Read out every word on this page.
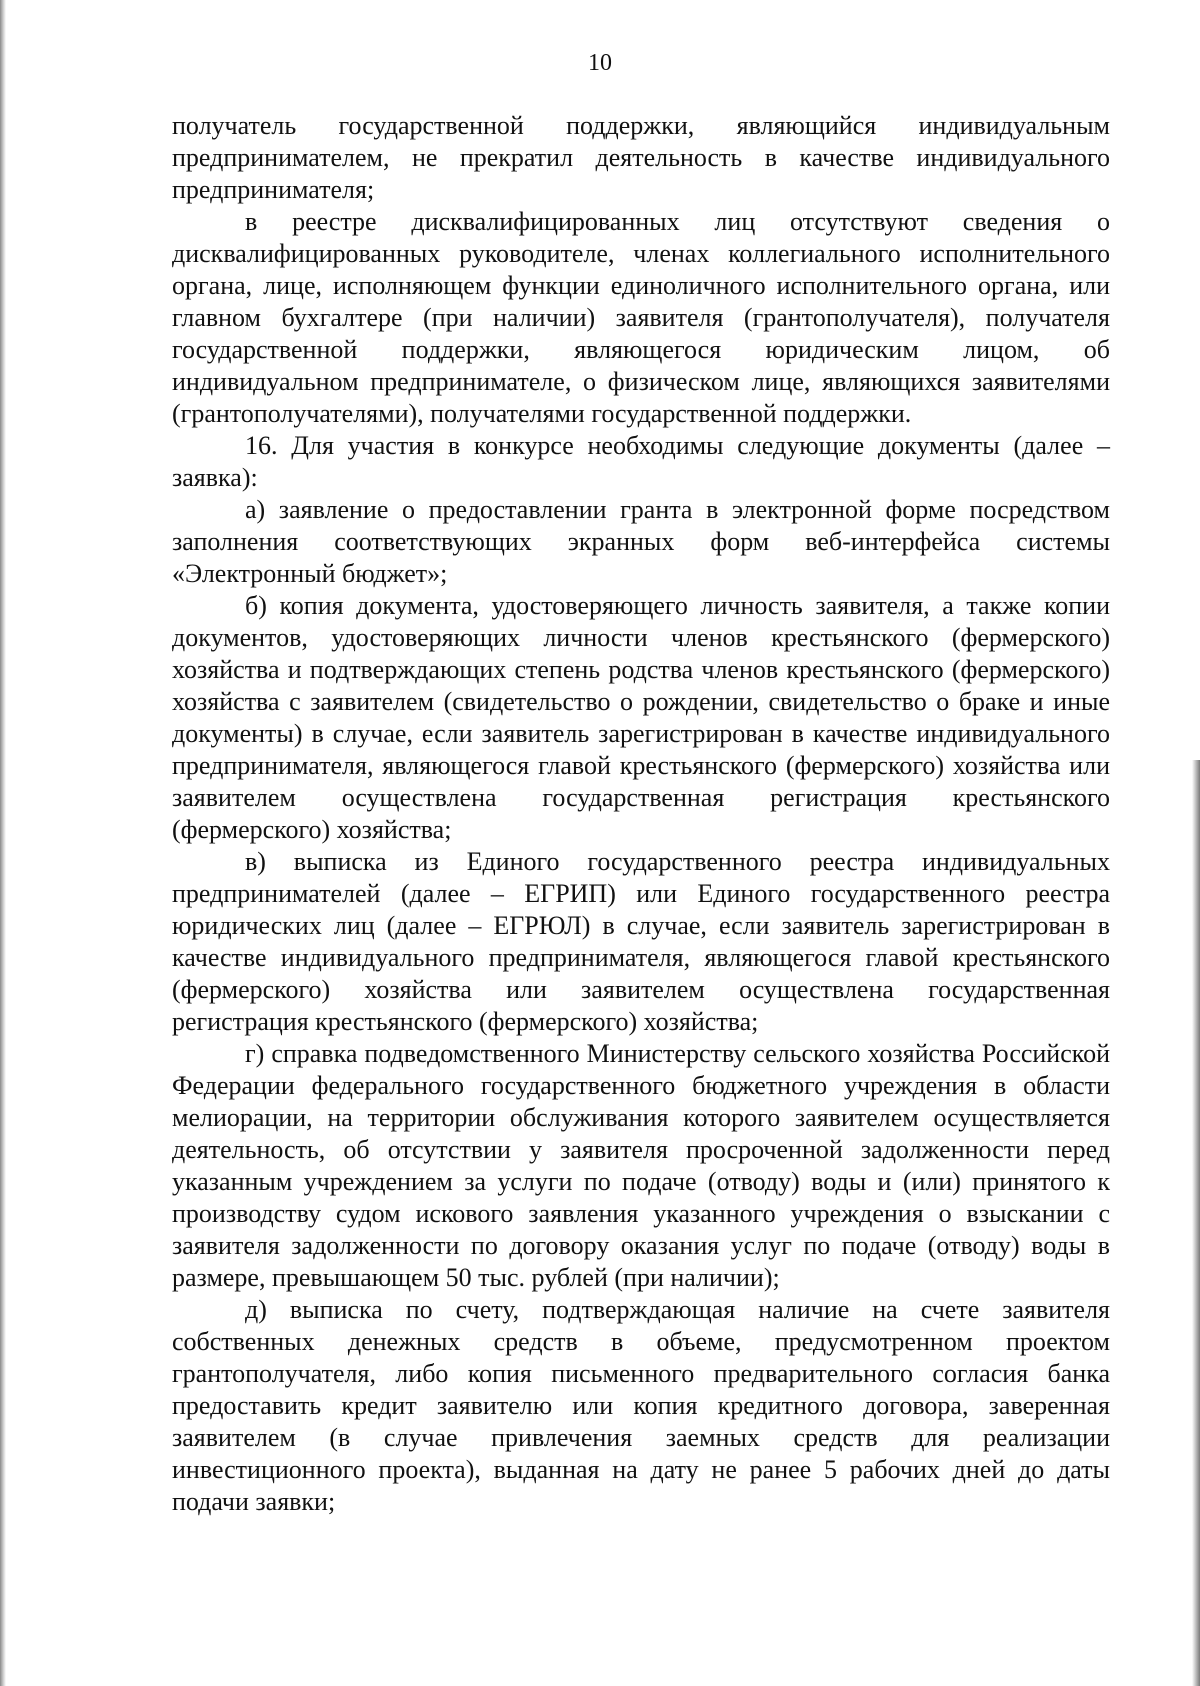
10

получатель государственной поддержки, являющийся индивидуальным предпринимателем, не прекратил деятельность в качестве индивидуального предпринимателя;

в реестре дисквалифицированных лиц отсутствуют сведения о дисквалифицированных руководителе, членах коллегиального исполнительного органа, лице, исполняющем функции единоличного исполнительного органа, или главном бухгалтере (при наличии) заявителя (грантополучателя), получателя государственной поддержки, являющегося юридическим лицом, об индивидуальном предпринимателе, о физическом лице, являющихся заявителями (грантополучателями), получателями государственной поддержки.

16. Для участия в конкурсе необходимы следующие документы (далее – заявка):

а) заявление о предоставлении гранта в электронной форме посредством заполнения соответствующих экранных форм веб-интерфейса системы «Электронный бюджет»;

б) копия документа, удостоверяющего личность заявителя, а также копии документов, удостоверяющих личности членов крестьянского (фермерского) хозяйства и подтверждающих степень родства членов крестьянского (фермерского) хозяйства с заявителем (свидетельство о рождении, свидетельство о браке и иные документы) в случае, если заявитель зарегистрирован в качестве индивидуального предпринимателя, являющегося главой крестьянского (фермерского) хозяйства или заявителем осуществлена государственная регистрация крестьянского (фермерского) хозяйства;

в) выписка из Единого государственного реестра индивидуальных предпринимателей (далее – ЕГРИП) или Единого государственного реестра юридических лиц (далее – ЕГРЮЛ) в случае, если заявитель зарегистрирован в качестве индивидуального предпринимателя, являющегося главой крестьянского (фермерского) хозяйства или заявителем осуществлена государственная регистрация крестьянского (фермерского) хозяйства;

г) справка подведомственного Министерству сельского хозяйства Российской Федерации федерального государственного бюджетного учреждения в области мелиорации, на территории обслуживания которого заявителем осуществляется деятельность, об отсутствии у заявителя просроченной задолженности перед указанным учреждением за услуги по подаче (отводу) воды и (или) принятого к производству судом искового заявления указанного учреждения о взыскании с заявителя задолженности по договору оказания услуг по подаче (отводу) воды в размере, превышающем 50 тыс. рублей (при наличии);

д) выписка по счету, подтверждающая наличие на счете заявителя собственных денежных средств в объеме, предусмотренном проектом грантополучателя, либо копия письменного предварительного согласия банка предоставить кредит заявителю или копия кредитного договора, заверенная заявителем (в случае привлечения заемных средств для реализации инвестиционного проекта), выданная на дату не ранее 5 рабочих дней до даты подачи заявки;
